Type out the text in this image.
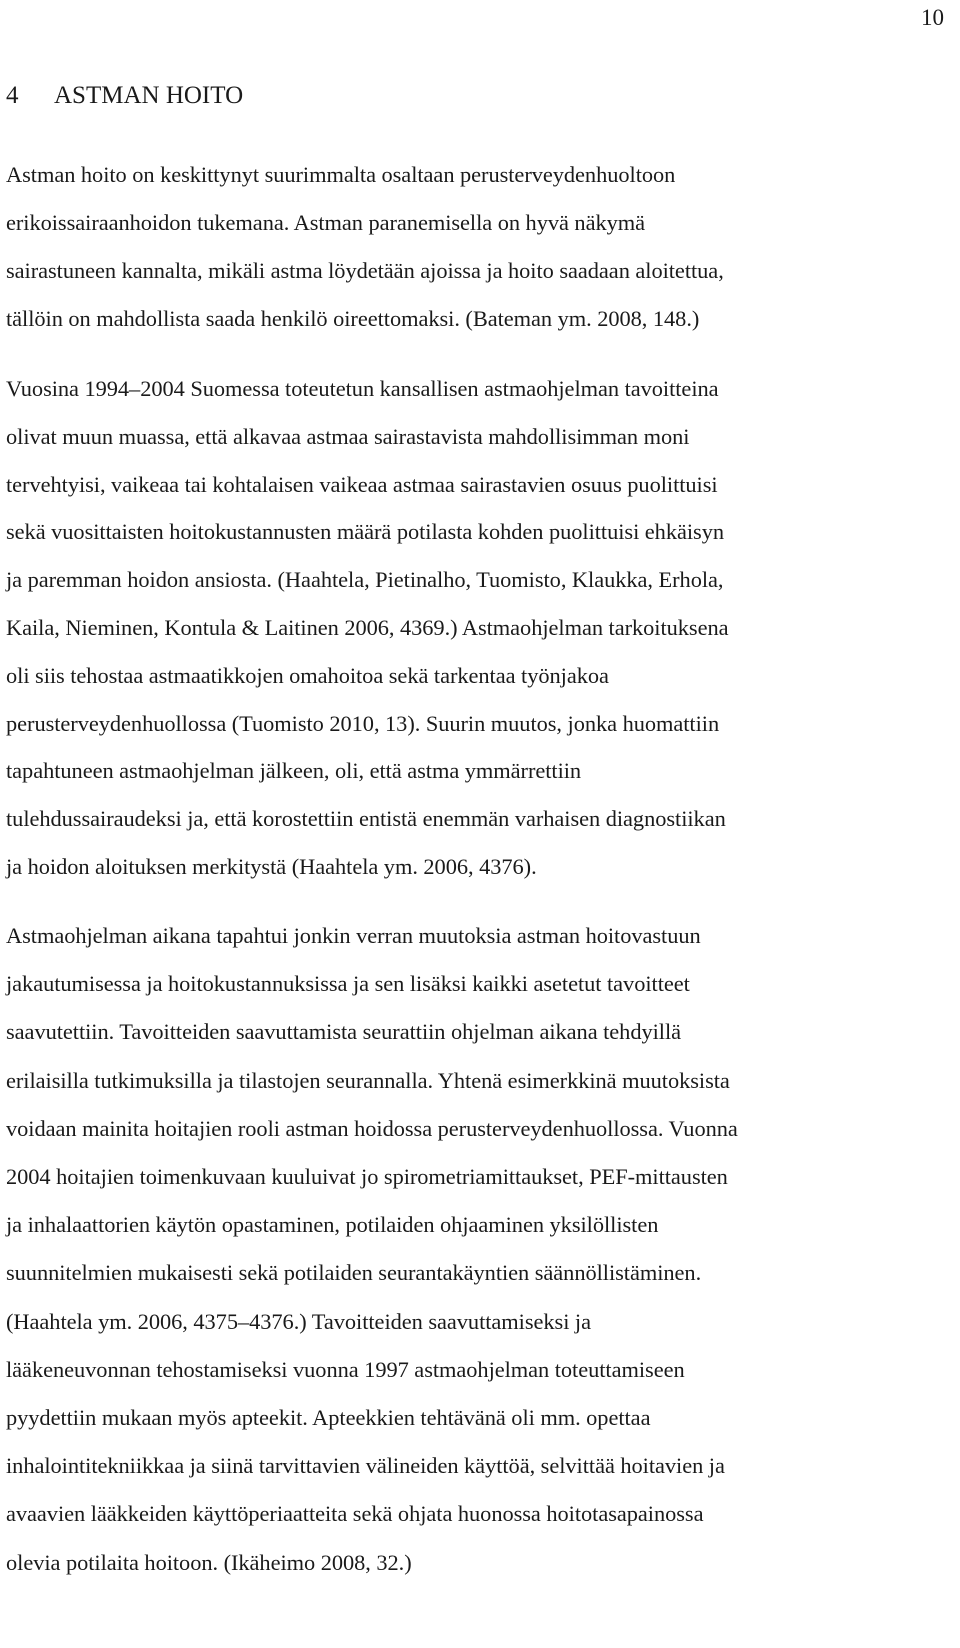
10
4 ASTMAN HOITO

Astman hoito on keskittynyt suurimmalta osaltaan perusterveydenhuoltoon
erikoissairaanhoidon tukemana. Astman paranemisella on hyvä näkymä
sairastuneen kannalta, mikäli astma löydetään ajoissa ja hoito saadaan aloitettua,
tällöin on mahdollista saada henkilö oireettomaksi. (Bateman ym. 2008, 148.)

Vuosina 1994–2004 Suomessa toteutetun kansallisen astmaohjelman tavoitteina
olivat muun muassa, että alkavaa astmaa sairastavista mahdollisimman moni
tervehtyisi, vaikeaa tai kohtalaisen vaikeaa astmaa sairastavien osuus puolittuisi
sekä vuosittaisten hoitokustannusten määrä potilasta kohden puolittuisi ehkäisyn
ja paremman hoidon ansiosta. (Haahtela, Pietinalho, Tuomisto, Klaukka, Erhola,
Kaila, Nieminen, Kontula & Laitinen 2006, 4369.) Astmaohjelman tarkoituksena
oli siis tehostaa astmaatikkojen omahoitoa sekä tarkentaa työnjakoa
perusterveydenhuollossa (Tuomisto 2010, 13). Suurin muutos, jonka huomattiin
tapahtuneen astmaohjelman jälkeen, oli, että astma ymmärrettiin
tulehdussairaudeksi ja, että korostettiin entistä enemmän varhaisen diagnostiikan
ja hoidon aloituksen merkitystä (Haahtela ym. 2006, 4376).

Astmaohjelman aikana tapahtui jonkin verran muutoksia astman hoitovastuun
jakautumisessa ja hoitokustannuksissa ja sen lisäksi kaikki asetetut tavoitteet
saavutettiin. Tavoitteiden saavuttamista seurattiin ohjelman aikana tehdyillä
erilaisilla tutkimuksilla ja tilastojen seurannalla. Yhtenä esimerkkinä muutoksista
voidaan mainita hoitajien rooli astman hoidossa perusterveydenhuollossa. Vuonna
2004 hoitajien toimenkuvaan kuuluivat jo spirometriamittaukset, PEF-mittausten
ja inhalaattorien käytön opastaminen, potilaiden ohjaaminen yksilöllisten
suunnitelmien mukaisesti sekä potilaiden seurantakäyntien säännöllistäminen.
(Haahtela ym. 2006, 4375–4376.) Tavoitteiden saavuttamiseksi ja
lääkeneuvonnan tehostamiseksi vuonna 1997 astmaohjelman toteuttamiseen
pyydettiin mukaan myös apteekit. Apteekkien tehtävänä oli mm. opettaa
inhalointitekniikkaa ja siinä tarvittavien välineiden käyttöä, selvittää hoitavien ja
avaavien lääkkeiden käyttöperiaatteita sekä ohjata huonossa hoitotasapainossa
olevia potilaita hoitoon. (Ikäheimo 2008, 32.)
